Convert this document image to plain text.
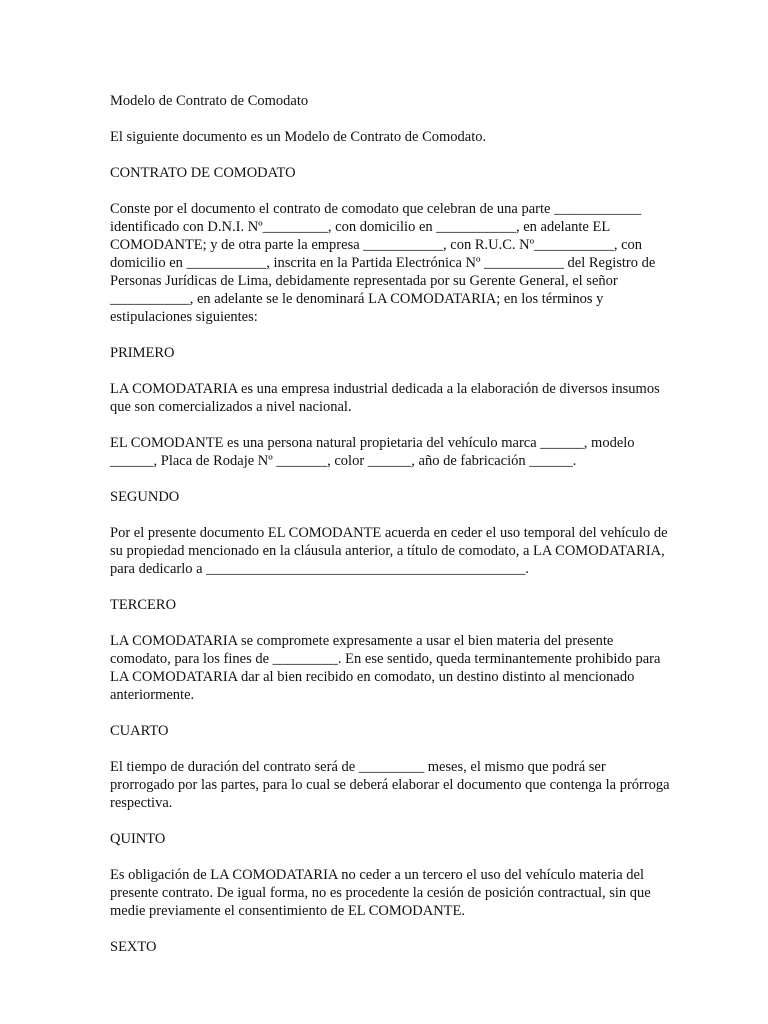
Modelo de Contrato de Comodato

El siguiente documento es un Modelo de Contrato de Comodato.

CONTRATO DE COMODATO

Conste por el documento el contrato de comodato que celebran de una parte ____________ identificado con D.N.I. Nº_________, con domicilio en ___________, en adelante EL COMODANTE; y de otra parte la empresa ___________, con R.U.C. Nº___________, con domicilio en ___________, inscrita en la Partida Electrónica Nº ___________ del Registro de Personas Jurídicas de Lima, debidamente representada por su Gerente General, el señor ___________, en adelante se le denominará LA COMODATARIA; en los términos y estipulaciones siguientes:

PRIMERO

LA COMODATARIA es una empresa industrial dedicada a la elaboración de diversos insumos que son comercializados a nivel nacional.

EL COMODANTE es una persona natural propietaria del vehículo marca ______, modelo ______, Placa de Rodaje Nº _______, color ______, año de fabricación ______.

SEGUNDO

Por el presente documento EL COMODANTE acuerda en ceder el uso temporal del vehículo de su propiedad mencionado en la cláusula anterior, a título de comodato, a LA COMODATARIA, para dedicarlo a ____________________________________________.

TERCERO

LA COMODATARIA se compromete expresamente a usar el bien materia del presente comodato, para los fines de _________. En ese sentido, queda terminantemente prohibido para LA COMODATARIA dar al bien recibido en comodato, un destino distinto al mencionado anteriormente.

CUARTO

El tiempo de duración del contrato será de _________ meses, el mismo que podrá ser prorrogado por las partes, para lo cual se deberá elaborar el documento que contenga la prórroga respectiva.

QUINTO

Es obligación de LA COMODATARIA no ceder a un tercero el uso del vehículo materia del presente contrato. De igual forma, no es procedente la cesión de posición contractual, sin que medie previamente el consentimiento de EL COMODANTE.

SEXTO
